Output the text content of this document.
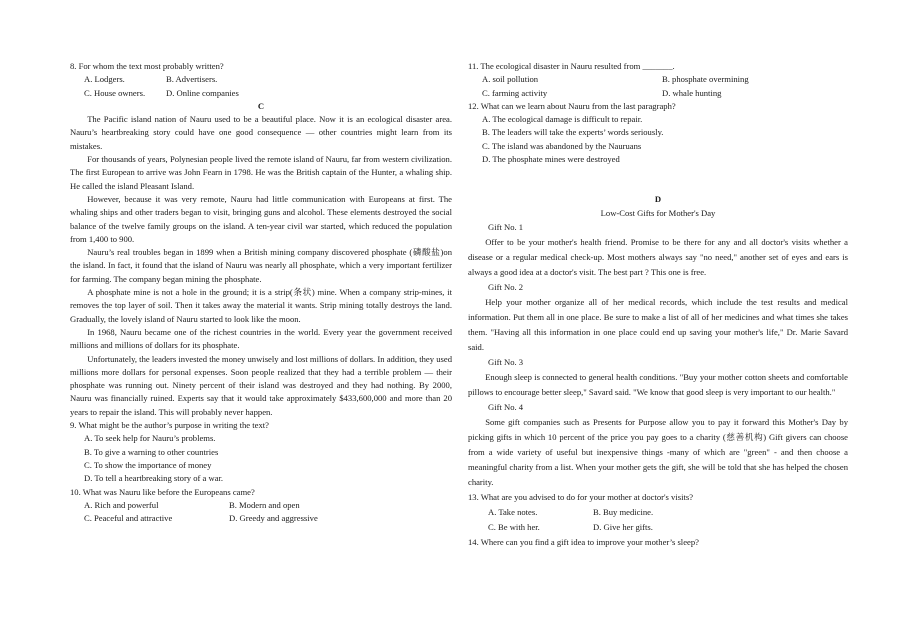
8. For whom the text most probably written?

A. Lodgers.	B. Advertisers.
C. House owners.	D. Online companies

C

The Pacific island nation of Nauru used to be a beautiful place. Now it is an ecological disaster area. Nauru’s heartbreaking story could have one good consequence — other countries might learn from its mistakes.

For thousands of years, Polynesian people lived the remote island of Nauru, far from western civilization. The first European to arrive was John Fearn in 1798. He was the British captain of the Hunter, a whaling ship. He called the island Pleasant Island.

However, because it was very remote, Nauru had little communication with Europeans at first. The whaling ships and other traders began to visit, bringing guns and alcohol. These elements destroyed the social balance of the twelve family groups on the island. A ten-year civil war started, which reduced the population from 1,400 to 900.

Nauru’s real troubles began in 1899 when a British mining company discovered phosphate (磷酸盐)on the island. In fact, it found that the island of Nauru was nearly all phosphate, which a very important fertilizer for farming. The company began mining the phosphate.

A phosphate mine is not a hole in the ground; it is a strip(条状) mine. When a company strip-mines, it removes the top layer of soil. Then it takes away the material it wants. Strip mining totally destroys the land. Gradually, the lovely island of Nauru started to look like the moon.

In 1968, Nauru became one of the richest countries in the world. Every year the government received millions and millions of dollars for its phosphate.

Unfortunately, the leaders invested the money unwisely and lost millions of dollars. In addition, they used millions more dollars for personal expenses. Soon people realized that they had a terrible problem — their phosphate was running out. Ninety percent of their island was destroyed and they had nothing. By 2000, Nauru was financially ruined. Experts say that it would take approximately $433,600,000 and more than 20 years to repair the island. This will probably never happen.

9. What might be the author’s purpose in writing the text?

A. To seek help for Nauru’s problems.

B. To give a warning to other countries

C. To show the importance of money

D. To tell a heartbreaking story of a war.

10. What was Nauru like before the Europeans came?

A. Rich and powerful	B. Modern and open
C. Peaceful and attractive	D. Greedy and aggressive

11. The ecological disaster in Nauru resulted from _______.

A. soil pollution	B. phosphate overmining
C. farming activity	D. whale hunting

12. What can we learn about Nauru from the last paragraph?

A. The ecological damage is difficult to repair.

B. The leaders will take the experts’ words seriously.

C. The island was abandoned by the Nauruans

D. The phosphate mines were destroyed

D

Low-Cost Gifts for Mother's Day

Gift No. 1

Offer to be your mother's health friend. Promise to be there for any and all doctor's visits whether a disease or a regular medical check-up. Most mothers always say "no need," another set of eyes and ears is always a good idea at a doctor's visit. The best part ? This one is free.

Gift No. 2

Help your mother organize all of her medical records, which include the test results and medical information. Put them all in one place. Be sure to make a list of all of her medicines and what times she takes them. "Having all this information in one place could end up saving your mother's life," Dr. Marie Savard said.

Gift No. 3

Enough sleep is connected to general health conditions. "Buy your mother cotton sheets and comfortable pillows to encourage better sleep," Savard said. "We know that good sleep is very important to our health."

Gift No. 4

Some gift companies such as Presents for Purpose allow you to pay it forward this Mother's Day by picking gifts in which 10 percent of the price you pay goes to a charity (慈善机构) Gift givers can choose from a wide variety of useful but inexpensive things -many of which are "green" - and then choose a meaningful charity from a list. When your mother gets the gift, she will be told that she has helped the chosen charity.

13. What are you advised to do for your mother at doctor's visits?

A. Take notes.	B. Buy medicine.
C. Be with her.	D. Give her gifts.

14. Where can you find a gift idea to improve your mother’s sleep?
